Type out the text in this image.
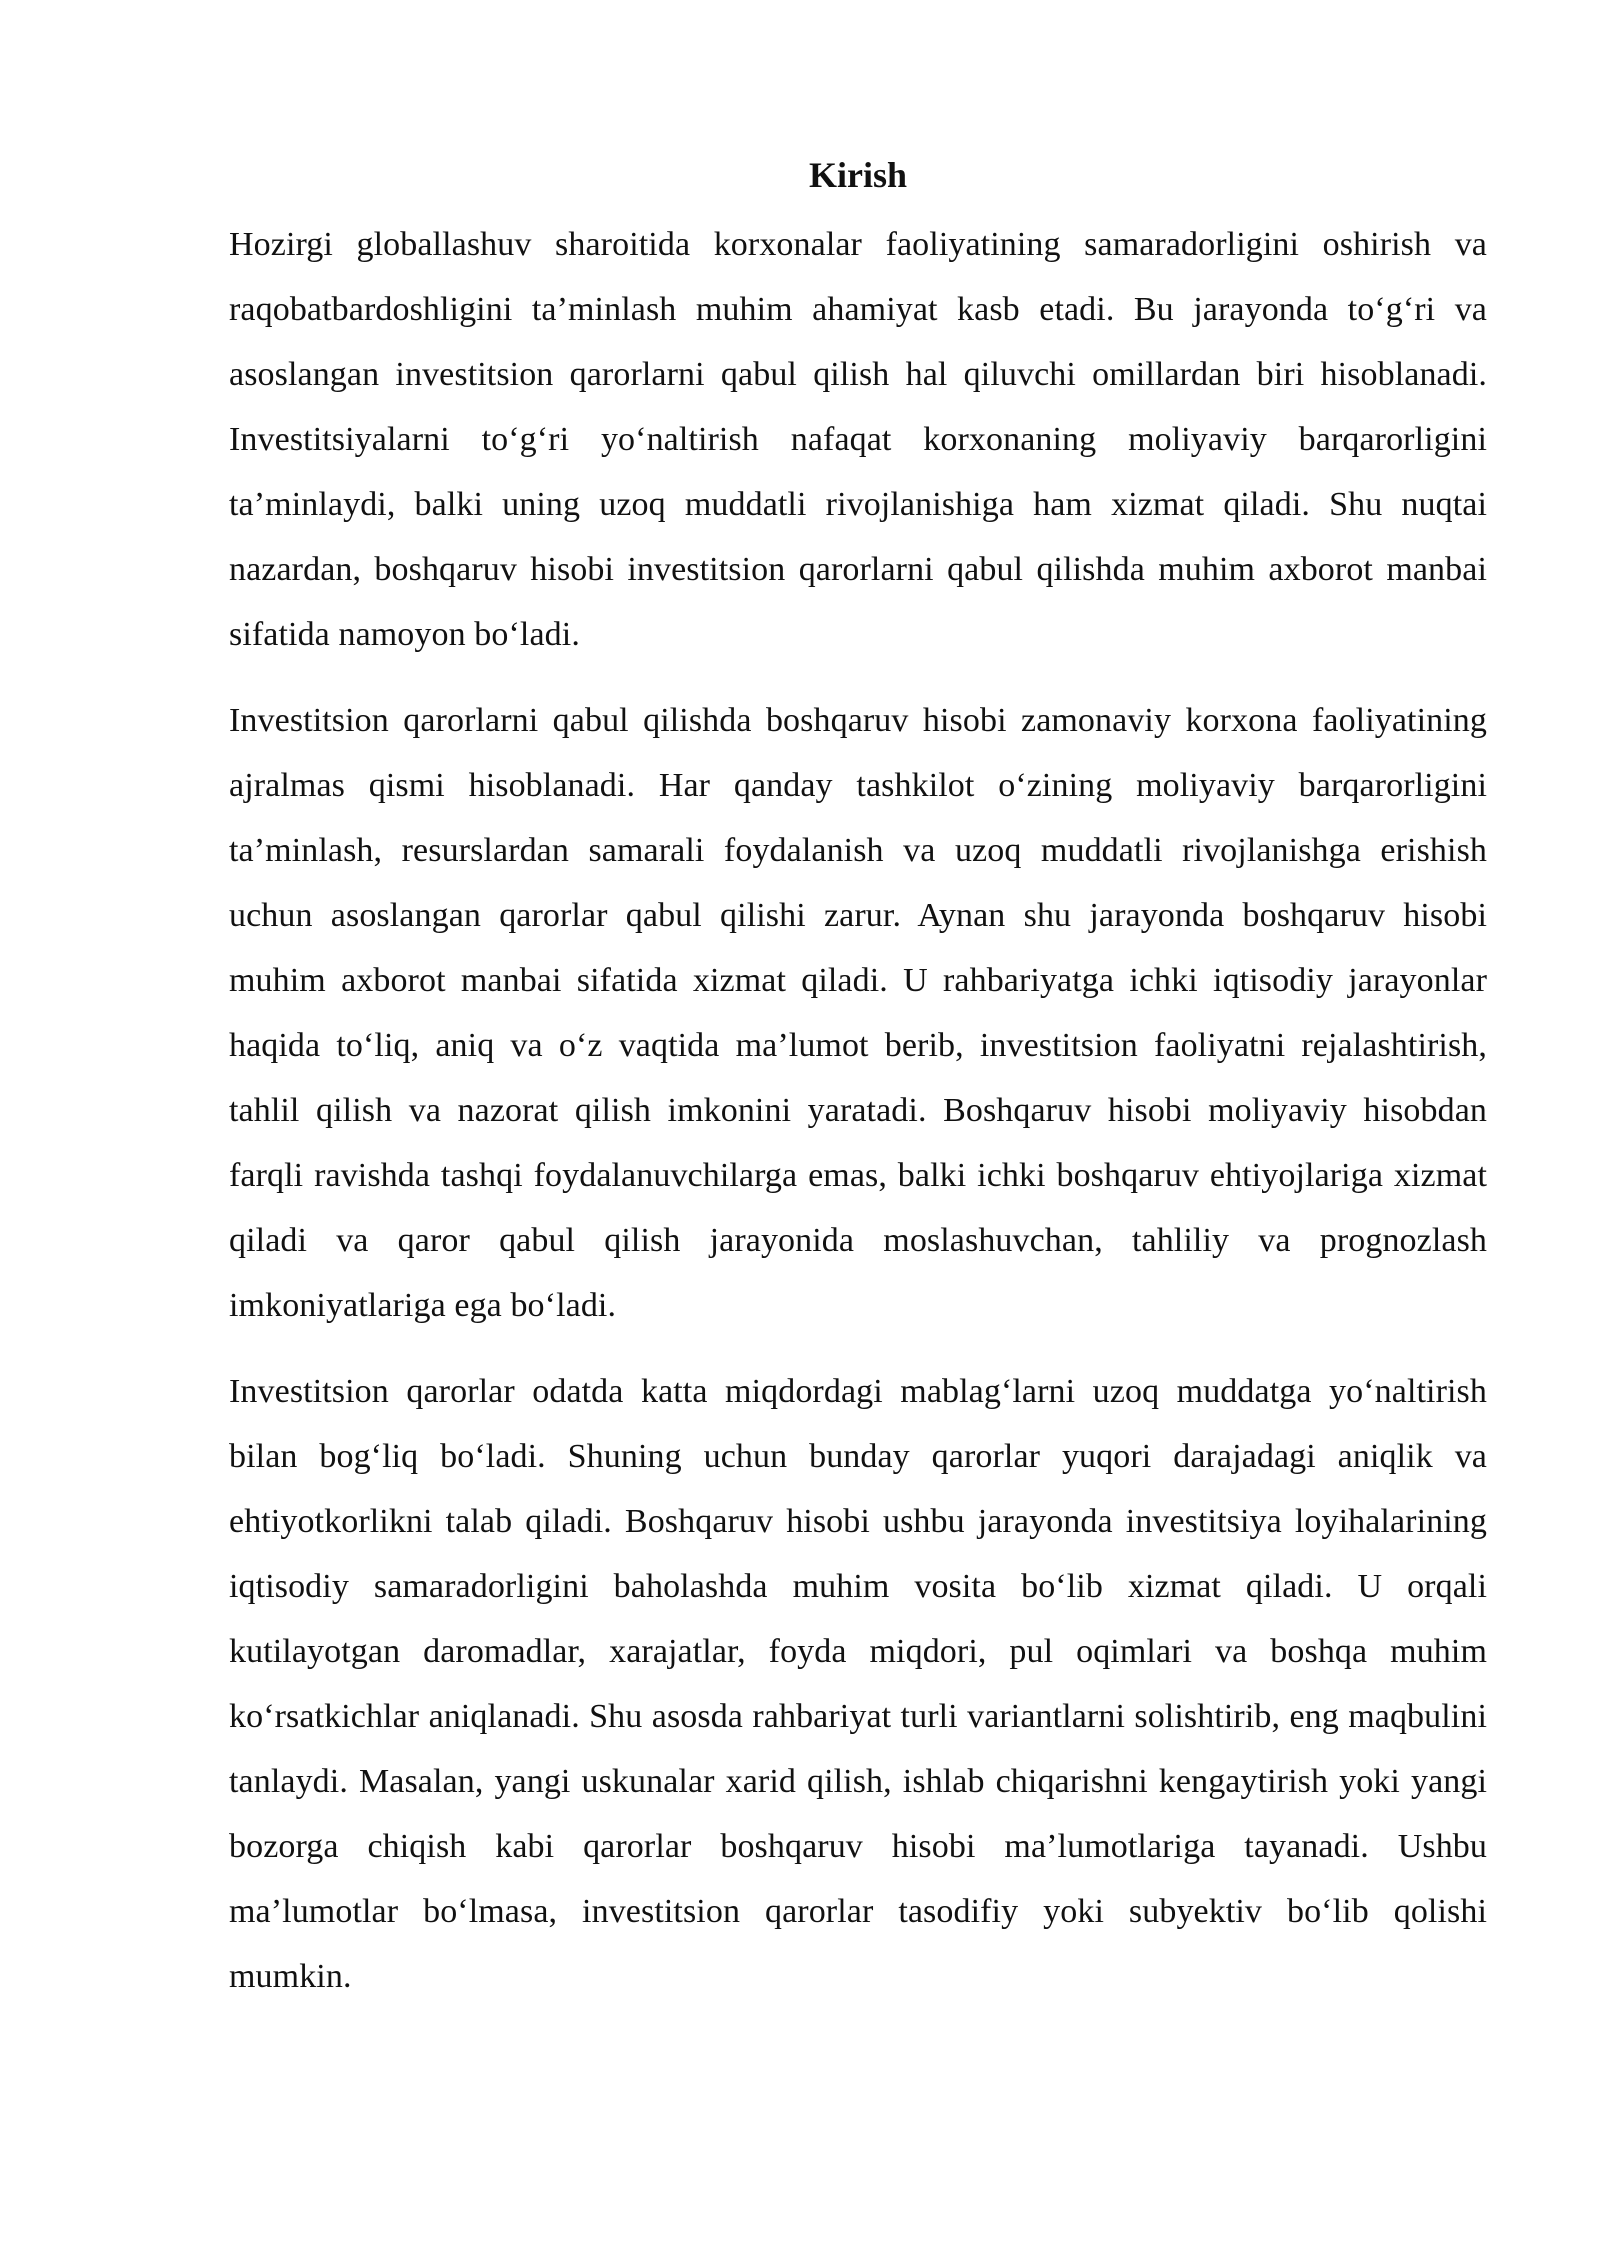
Kirish

Hozirgi globallashuv sharoitida korxonalar faoliyatining samaradorligini oshirish va raqobatbardoshligini ta’minlash muhim ahamiyat kasb etadi. Bu jarayonda to‘g‘ri va asoslangan investitsion qarorlarni qabul qilish hal qiluvchi omillardan biri hisoblanadi. Investitsiyalarni to‘g‘ri yo‘naltirish nafaqat korxonaning moliyaviy barqarorligini ta’minlaydi, balki uning uzoq muddatli rivojlanishiga ham xizmat qiladi. Shu nuqtai nazardan, boshqaruv hisobi investitsion qarorlarni qabul qilishda muhim axborot manbai sifatida namoyon bo‘ladi.

Investitsion qarorlarni qabul qilishda boshqaruv hisobi zamonaviy korxona faoliyatining ajralmas qismi hisoblanadi. Har qanday tashkilot o‘zining moliyaviy barqarorligini ta’minlash, resurslardan samarali foydalanish va uzoq muddatli rivojlanishga erishish uchun asoslangan qarorlar qabul qilishi zarur. Aynan shu jarayonda boshqaruv hisobi muhim axborot manbai sifatida xizmat qiladi. U rahbariyatga ichki iqtisodiy jarayonlar haqida to‘liq, aniq va o‘z vaqtida ma’lumot berib, investitsion faoliyatni rejalashtirish, tahlil qilish va nazorat qilish imkonini yaratadi. Boshqaruv hisobi moliyaviy hisobdan farqli ravishda tashqi foydalanuvchilarga emas, balki ichki boshqaruv ehtiyojlariga xizmat qiladi va qaror qabul qilish jarayonida moslashuvchan, tahliliy va prognozlash imkoniyatlariga ega bo‘ladi.

Investitsion qarorlar odatda katta miqdordagi mablag‘larni uzoq muddatga yo‘naltirish bilan bog‘liq bo‘ladi. Shuning uchun bunday qarorlar yuqori darajadagi aniqlik va ehtiyotkorlikni talab qiladi. Boshqaruv hisobi ushbu jarayonda investitsiya loyihalarining iqtisodiy samaradorligini baholashda muhim vosita bo‘lib xizmat qiladi. U orqali kutilayotgan daromadlar, xarajatlar, foyda miqdori, pul oqimlari va boshqa muhim ko‘rsatkichlar aniqlanadi. Shu asosda rahbariyat turli variantlarni solishtirib, eng maqbulini tanlaydi. Masalan, yangi uskunalar xarid qilish, ishlab chiqarishni kengaytirish yoki yangi bozorga chiqish kabi qarorlar boshqaruv hisobi ma’lumotlariga tayanadi. Ushbu ma’lumotlar bo‘lmasa, investitsion qarorlar tasodifiy yoki subyektiv bo‘lib qolishi mumkin.
